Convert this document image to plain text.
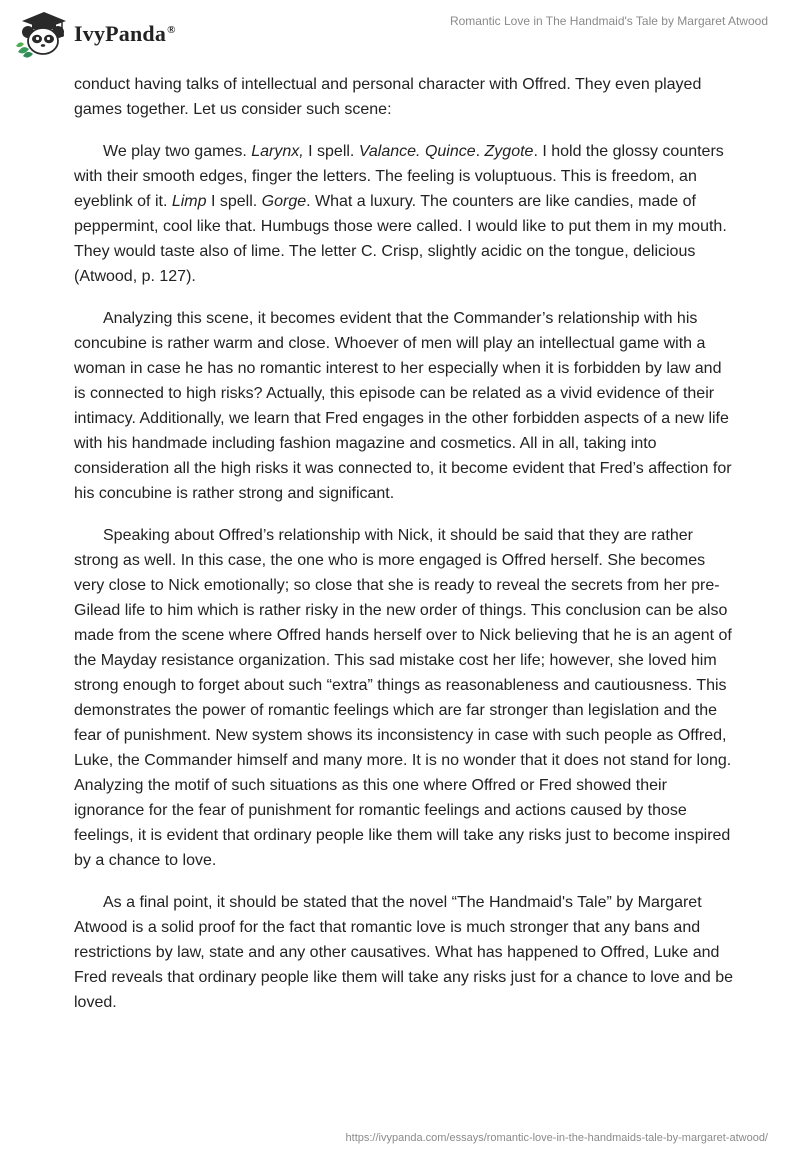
IvyPanda®
Romantic Love in The Handmaid's Tale by Margaret Atwood

conduct having talks of intellectual and personal character with Offred. They even played games together. Let us consider such scene:

We play two games. Larynx, I spell. Valance. Quince. Zygote. I hold the glossy counters with their smooth edges, finger the letters. The feeling is voluptuous. This is freedom, an eyeblink of it. Limp I spell. Gorge. What a luxury. The counters are like candies, made of peppermint, cool like that. Humbugs those were called. I would like to put them in my mouth. They would taste also of lime. The letter C. Crisp, slightly acidic on the tongue, delicious (Atwood, p. 127).

Analyzing this scene, it becomes evident that the Commander’s relationship with his concubine is rather warm and close. Whoever of men will play an intellectual game with a woman in case he has no romantic interest to her especially when it is forbidden by law and is connected to high risks? Actually, this episode can be related as a vivid evidence of their intimacy. Additionally, we learn that Fred engages in the other forbidden aspects of a new life with his handmade including fashion magazine and cosmetics. All in all, taking into consideration all the high risks it was connected to, it become evident that Fred’s affection for his concubine is rather strong and significant.

Speaking about Offred’s relationship with Nick, it should be said that they are rather strong as well. In this case, the one who is more engaged is Offred herself. She becomes very close to Nick emotionally; so close that she is ready to reveal the secrets from her pre-Gilead life to him which is rather risky in the new order of things. This conclusion can be also made from the scene where Offred hands herself over to Nick believing that he is an agent of the Mayday resistance organization. This sad mistake cost her life; however, she loved him strong enough to forget about such “extra” things as reasonableness and cautiousness. This demonstrates the power of romantic feelings which are far stronger than legislation and the fear of punishment. New system shows its inconsistency in case with such people as Offred, Luke, the Commander himself and many more. It is no wonder that it does not stand for long. Analyzing the motif of such situations as this one where Offred or Fred showed their ignorance for the fear of punishment for romantic feelings and actions caused by those feelings, it is evident that ordinary people like them will take any risks just to become inspired by a chance to love.

As a final point, it should be stated that the novel “The Handmaid's Tale” by Margaret Atwood is a solid proof for the fact that romantic love is much stronger that any bans and restrictions by law, state and any other causatives. What has happened to Offred, Luke and Fred reveals that ordinary people like them will take any risks just for a chance to love and be loved.

https://ivypanda.com/essays/romantic-love-in-the-handmaids-tale-by-margaret-atwood/
